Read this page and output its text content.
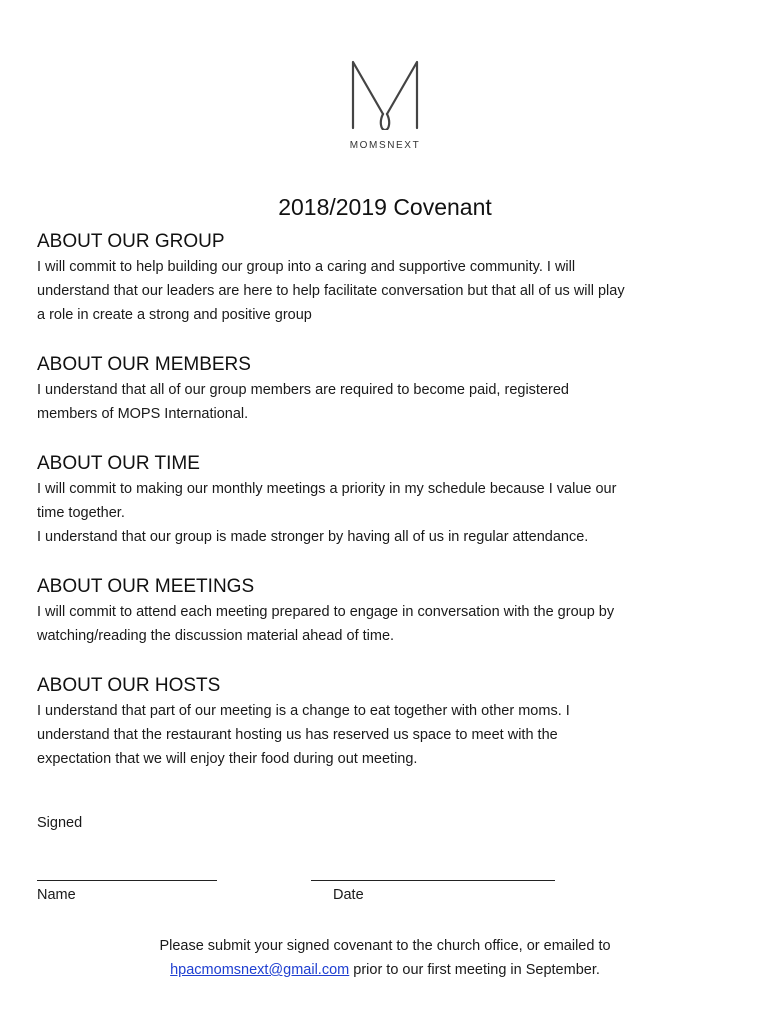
MOMSNEXT
2018/2019 Covenant
ABOUT OUR GROUP

I will commit to help building our group into a caring and supportive community. I will

understand that our leaders are here to help facilitate conversation but that all of us will play

a role in create a strong and positive group

ABOUT OUR MEMBERS

I understand that all of our group members are required to become paid, registered

members of MOPS International.

ABOUT OUR TIME

I will commit to making our monthly meetings a priority in my schedule because I value our

time together.

I understand that our group is made stronger by having all of us in regular attendance.

ABOUT OUR MEETINGS

I will commit to attend each meeting prepared to engage in conversation with the group by

watching/reading the discussion material ahead of time.

ABOUT OUR HOSTS

I understand that part of our meeting is a change to eat together with other moms. I

understand that the restaurant hosting us has reserved us space to meet with the

expectation that we will enjoy their food during out meeting.

Signed
Name	Date
Please submit your signed covenant to the church office, or emailed to
hpacmomsnext@gmail.com prior to our first meeting in September.
